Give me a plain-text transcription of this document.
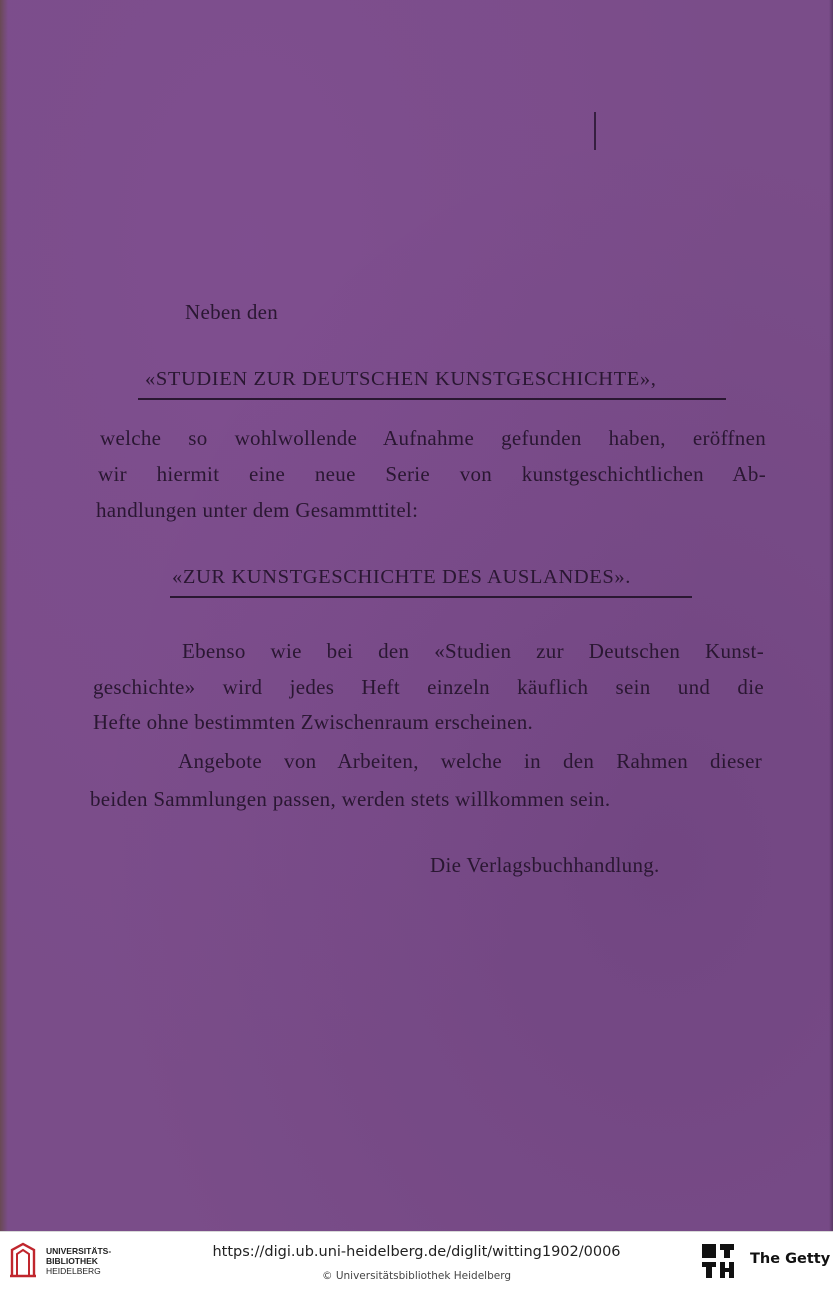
Neben den
«STUDIEN ZUR DEUTSCHEN KUNSTGESCHICHTE»,
welche so wohlwollende Aufnahme gefunden haben, eröffnen
wir hiermit eine neue Serie von kunstgeschichtlichen Ab-
handlungen unter dem Gesammttitel:
«ZUR KUNSTGESCHICHTE DES AUSLANDES».
Ebenso wie bei den «Studien zur Deutschen Kunst-
geschichte» wird jedes Heft einzeln käuflich sein und die
Hefte ohne bestimmten Zwischenraum erscheinen.
Angebote von Arbeiten, welche in den Rahmen dieser
beiden Sammlungen passen, werden stets willkommen sein.
Die Verlagsbuchhandlung.
UNIVERSITÄTS-
BIBLIOTHEK
HEIDELBERG
https://digi.ub.uni-heidelberg.de/diglit/witting1902/0006
© Universitätsbibliothek Heidelberg
The Getty
